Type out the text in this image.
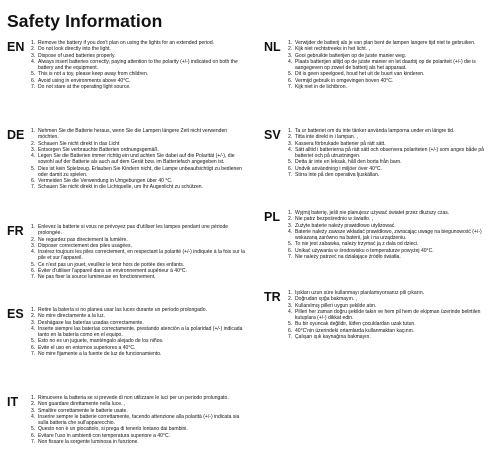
Safety Information
EN	1. Remove the battery if you don't plan on using the lights for an extended period.
2. Do not look directly into the light.
3. Dispose of used batteries properly.
4. Always insert batteries correctly, paying attention to the polarity (+/-) indicated on both the battery and the equipment.
5. This is not a toy, please keep away from children.
6. Avoid using in environments above 40°C.
7. Do not stare at the operating light source.
DE	1. Nehmen Sie die Batterie heraus, wenn Sie die Lampen längere Zeit nicht verwenden möchten.
2. Schauen Sie nicht direkt in das Licht
3. Entsorgen Sie verbrauchte Batterien ordnungsgemäß.
4. Legen Sie die Batterien immer richtig ein und achten Sie dabei auf die Polarität (+/-), die sowohl auf der Batterie als auch auf dem Gerät bzw. im Batteriefach angegeben ist.
5. Dies ist kein Spielzeug. Erlauben Sie Kindern nicht, die Lampe unbeaufsichtigt zu bedienen oder damit zu spielen.
6. Vermeiden Sie die Verwendung in Umgebungen über 40 °C.
7. Schauen Sie nicht direkt in die Lichtquelle, um Ihr Augenlicht zu schützen.
FR	1. Enlevez la batterie si vous ne prévoyez pas d'utiliser les lampes pendant une période prolongée.
2. Ne regardez pas directement la lumière.
3. Disposer correctement des piles usagées.
4. Insérez toujours les piles correctement, en respectant la polarité (+/-) indiquée à la fois sur la pile et sur l'appareil.
5. Ce n'est pas un jouet, veuillez le tenir hors de portée des enfants.
6. Éviter d'utiliser l'appareil dans un environnement supérieur à 40°C.
7. Ne pas fixer la source lumineuse en fonctionnement.
ES	1. Retire la batería si no planea usar las luces durante un período prolongado.
2. No mire directamente a la luz.
3. Deshágase las baterías usadas correctamente.
4. Inserte siempre las baterías correctamente, prestando atención a la polaridad (+/-) indicada tanto en la batería como en el equipo.
5. Esto no es un juguete, manténgalo alejado de los niños.
6. Evite el uso en entornos superiores a 40°C.
7. No mire fijamente a la fuente de luz de funcionamiento.
IT	1. Rimuovere la batteria se si prevede di non utilizzare le luci per un periodo prolungato.
2. Non guardare direttamente nella luce. ,
3. Smaltire correttamente le batterie usate.
4. Inserire sempre le batterie correttamente, facendo attenzione alla polarità (+/-) indicata sia sulla batteria che sull'apparecchio.
5. Questo non è un giocattolo, si prega di tenerlo lontano dai bambini.
6. Evitare l'uso in ambienti con temperatura superiore a 40°C.
7. Non fissare la sorgente luminosa in funzione.
NL	1. Verwijder de batterij als je van plan bent de lampen langere tijd niet te gebruiken.
2. Kijk niet rechtstreeks in het licht. ,
3. Gooi gebruikte batterijen op de juiste manier weg.
4. Plaats batterijen altijd op de juiste manier en let daarbij op de polariteit (+/-) die is aangegeven op zowel de batterij als het apparaat.
5. Dit is geen speelgoed, houd het uit de buurt van kinderen.
6. Vermijd gebruik in omgevingen boven 40°C.
7. Kijk niet in de lichtbron.
SV	1. Ta ur batteriet om du inte tänker använda lamporna under en längre tid.
2. Titta inte direkt in i lampan. ,
3. Kassera förbrukade batterier på rätt sätt.
4. Sätt alltid i batterierna på rätt sätt och observera polariteten (+/-) som anges både på batteriet och på utrustningen.
5. Detta är inte en leksak, håll den borta från barn.
6. Undvik användning i miljöer över 40°C.
7. Stirra inte på den operativa ljuskällan.
PL	1. Wyjmij baterię, jeśli nie planujesz używać świateł przez dłuższy czas.
2. Nie patrz bezpośrednio w światło. ,
3. Zużyte baterie należy prawidłowo utylizować.
4. Baterie należy zawsze wkładać prawidłowo, zwracając uwagę na biegunowość (+/-) wskazaną zarówno na baterii, jak i na urządzeniu.
5. To nie jest zabawka, należy trzymać ją z dala od dzieci.
6. Unikać używania w środowisku o temperaturze powyżej 40°C.
7. Nie należy patrzeć na działające źródło światła.
TR	1. Işıkları uzun süre kullanmayı planlamıyorsanız pili çıkarın.
2. Doğrudan ışığa bakmayın. ,
3. Kullanılmış pilleri uygun şekilde atın.
4. Pilleri her zaman doğru şekilde takın ve hem pil hem de ekipman üzerinde belirtilen kutuplara (+/-) dikkat edin.
5. Bu bir oyuncak değildir, lütfen çocuklardan uzak tutun.
6. 40°C'nin üzerindeki ortamlarda kullanmaktan kaçının.
7. Çalışan ışık kaynağına bakmayın.
